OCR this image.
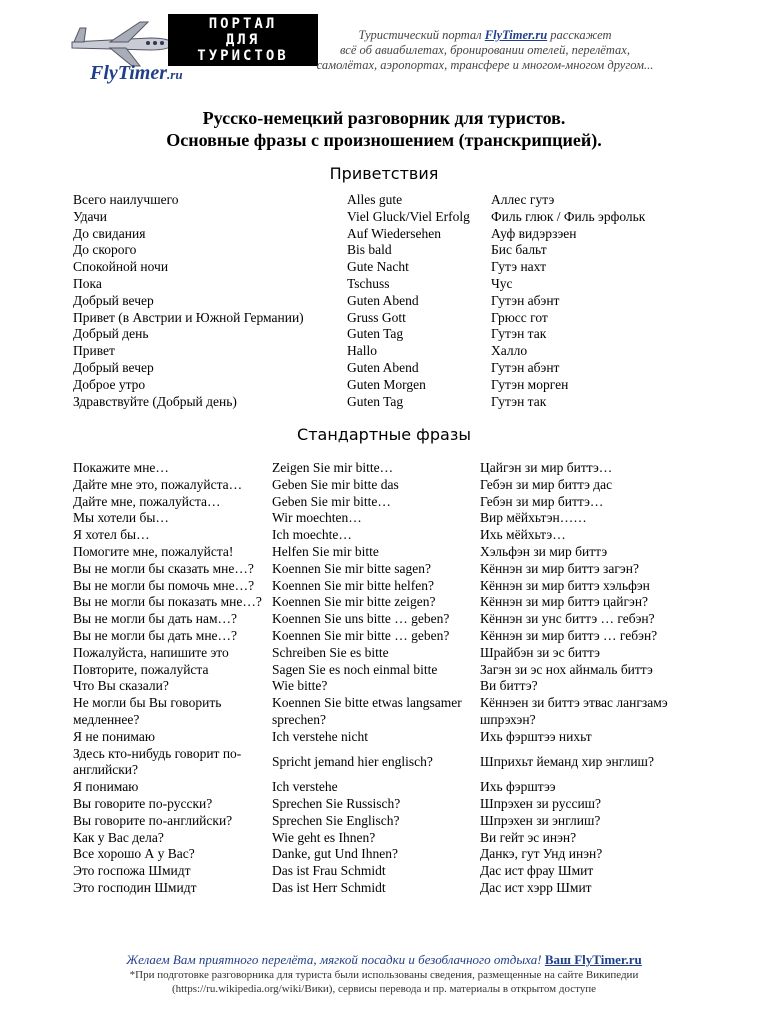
ПОРТАЛ
ДЛЯ
ТУРИСТОВ
FlyTimer.ru
Туристический портал FlyTimer.ru расскажет
всё об авиабилетах, бронировании отелей, перелётах,
самолётах, аэропортах, трансфере и многом-многом другом...
Русско-немецкий разговорник для туристов.
Основные фразы с произношением (транскрипцией).
Приветствия
Всего наилучшего	Alles gute	Аллес гутэ
Удачи	Viel Gluck/Viel Erfolg	Филь глюк / Филь эрфольк
До свидания	Auf Wiedersehen	Ауф видэрзэен
До скорого	Bis bald	Бис бальт
Спокойной ночи	Gute Nacht	Гутэ нахт
Пока	Tschuss	Чус
Добрый вечер	Guten Abend	Гутэн абэнт
Привет (в Австрии и Южной Германии)	Gruss Gott	Грюсс гот
Добрый день	Guten Tag	Гутэн так
Привет	Hallo	Халло
Добрый вечер	Guten Abend	Гутэн абэнт
Доброе утро	Guten Morgen	Гутэн морген
Здравствуйте (Добрый день)	Guten Tag	Гутэн так
Стандартные фразы
Покажите мне…	Zeigen Sie mir bitte…	Цайгэн зи мир биттэ…
Дайте мне это, пожалуйста…	Geben Sie mir bitte das	Гебэн зи мир биттэ дас
Дайте мне, пожалуйста…	Geben Sie mir bitte…	Гебэн зи мир биттэ…
Мы хотели бы…	Wir moechten…	Вир мёйхьтэн……
Я хотел бы…	Ich moechte…	Ихь мёйхьтэ…
Помогите мне, пожалуйста!	Helfen Sie mir bitte	Хэльфэн зи мир биттэ
Вы не могли бы сказать мне…?	Koennen Sie mir bitte sagen?	Кённэн зи мир биттэ загэн?
Вы не могли бы помочь мне…?	Koennen Sie mir bitte helfen?	Кённэн зи мир биттэ хэльфэн
Вы не могли бы показать мне…?	Koennen Sie mir bitte zeigen?	Кённэн зи мир биттэ цайгэн?
Вы не могли бы дать нам…?	Koennen Sie uns bitte … geben?	Кённэн зи унс биттэ … гебэн?
Вы не могли бы дать мне…?	Koennen Sie mir bitte … geben?	Кённэн зи мир биттэ … гебэн?
Пожалуйста, напишите это	Schreiben Sie es bitte	Шрайбэн зи эс биттэ
Повторите, пожалуйста	Sagen Sie es noch einmal bitte	Загэн зи эс нох айнмаль биттэ
Что Вы сказали?	Wie bitte?	Ви биттэ?
Не могли бы Вы говорить медленнее?	Koennen Sie bitte etwas langsamer sprechen?	Кённэен зи биттэ этвас лангзамэ шпрэхэн?
Я не понимаю	Ich verstehe nicht	Ихь фэрштээ нихьт
Здесь кто-нибудь говорит по-английски?	Spricht jemand hier englisch?	Шприхьт йеманд хир энглиш?
Я понимаю	Ich verstehe	Ихь фэрштээ
Вы говорите по-русски?	Sprechen Sie Russisch?	Шпрэхен зи руссиш?
Вы говорите по-английски?	Sprechen Sie Englisch?	Шпрэхен зи энглиш?
Как у Вас дела?	Wie geht es Ihnen?	Ви гейт эс инэн?
Все хорошо А у Вас?	Danke, gut Und Ihnen?	Данкэ, гут Унд инэн?
Это госпожа Шмидт	Das ist Frau Schmidt	Дас ист фрау Шмит
Это господин Шмидт	Das ist Herr Schmidt	Дас ист хэрр Шмит
Желаем Вам приятного перелёта, мягкой посадки и безоблачного отдыха! Ваш FlyTimer.ru
*При подготовке разговорника для туриста были использованы сведения, размещенные на сайте Википедии
(https://ru.wikipedia.org/wiki/Вики), сервисы перевода и пр. материалы в открытом доступе
